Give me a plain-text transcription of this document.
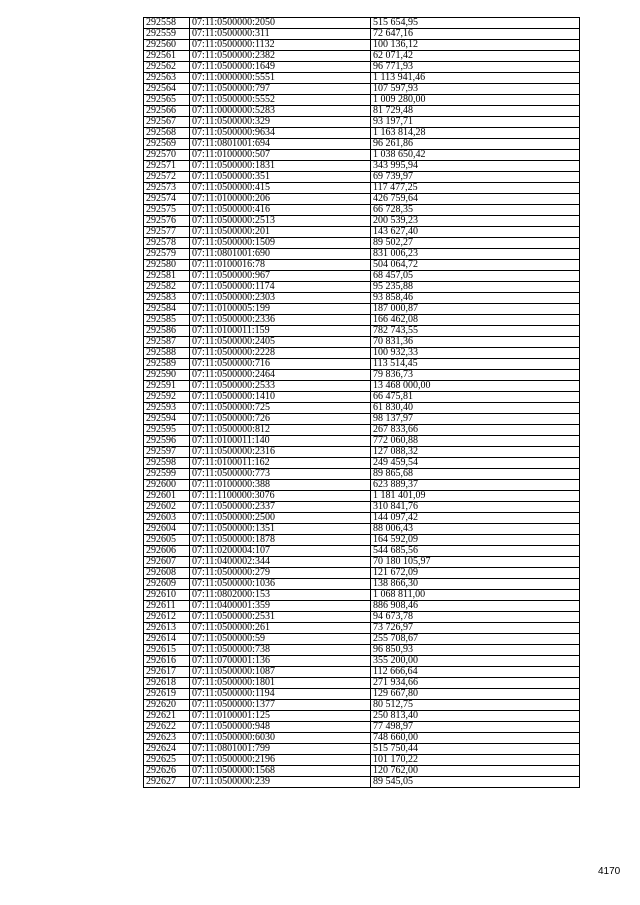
292558	07:11:0500000:2050	515 654,95
292559	07:11:0500000:311	72 647,16
292560	07:11:0500000:1132	100 136,12
292561	07:11:0500000:2382	62 071,42
292562	07:11:0500000:1649	96 771,93
292563	07:11:0000000:5551	1 113 941,46
292564	07:11:0500000:797	107 597,93
292565	07:11:0500000:5552	1 009 280,00
292566	07:11:0000000:5283	81 729,48
292567	07:11:0500000:329	93 197,71
292568	07:11:0500000:9634	1 163 814,28
292569	07:11:0801001:694	96 261,86
292570	07:11:0100000:507	1 038 650,42
292571	07:11:0500000:1831	343 995,94
292572	07:11:0500000:351	69 739,97
292573	07:11:0500000:415	117 477,25
292574	07:11:0100000:206	426 759,64
292575	07:11:0500000:416	66 728,35
292576	07:11:0500000:2513	200 539,23
292577	07:11:0500000:201	143 627,40
292578	07:11:0500000:1509	89 502,27
292579	07:11:0801001:690	831 006,23
292580	07:11:0100016:78	504 064,72
292581	07:11:0500000:967	68 457,05
292582	07:11:0500000:1174	95 235,88
292583	07:11:0500000:2303	93 858,46
292584	07:11:0100005:199	187 000,87
292585	07:11:0500000:2336	166 462,08
292586	07:11:0100011:159	782 743,55
292587	07:11:0500000:2405	70 831,36
292588	07:11:0500000:2228	100 932,33
292589	07:11:0500000:716	113 514,45
292590	07:11:0500000:2464	79 836,73
292591	07:11:0500000:2533	13 468 000,00
292592	07:11:0500000:1410	66 475,81
292593	07:11:0500000:725	61 830,40
292594	07:11:0500000:726	98 137,97
292595	07:11:0500000:812	267 833,66
292596	07:11:0100011:140	772 060,88
292597	07:11:0500000:2316	127 088,32
292598	07:11:0100011:162	249 459,54
292599	07:11:0500000:773	89 865,68
292600	07:11:0100000:388	623 889,37
292601	07:11:1100000:3076	1 181 401,09
292602	07:11:0500000:2337	310 841,76
292603	07:11:0500000:2500	144 097,42
292604	07:11:0500000:1351	88 006,43
292605	07:11:0500000:1878	164 592,09
292606	07:11:0200004:107	544 685,56
292607	07:11:0400002:344	70 180 105,97
292608	07:11:0500000:279	121 672,09
292609	07:11:0500000:1036	138 866,30
292610	07:11:0802000:153	1 068 811,00
292611	07:11:0400001:359	886 908,46
292612	07:11:0500000:2531	94 673,78
292613	07:11:0500000:261	73 726,97
292614	07:11:0500000:59	255 708,67
292615	07:11:0500000:738	96 850,93
292616	07:11:0700001:136	355 200,00
292617	07:11:0500000:1087	112 666,64
292618	07:11:0500000:1801	271 934,66
292619	07:11:0500000:1194	129 667,80
292620	07:11:0500000:1377	80 512,75
292621	07:11:0100001:125	250 813,40
292622	07:11:0500000:948	77 498,97
292623	07:11:0500000:6030	748 660,00
292624	07:11:0801001:799	515 750,44
292625	07:11:0500000:2196	101 170,22
292626	07:11:0500000:1568	120 762,00
292627	07:11:0500000:239	89 545,05
4170
